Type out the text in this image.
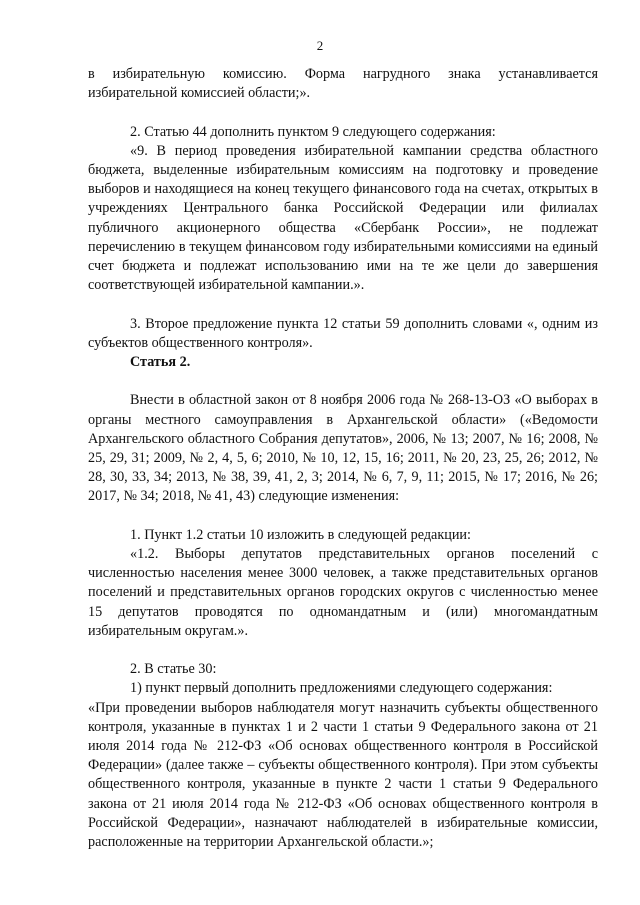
2

в избирательную комиссию. Форма нагрудного знака устанавливается избирательной комиссией области;».

2. Статью 44 дополнить пунктом 9 следующего содержания:

«9. В период проведения избирательной кампании средства областного бюджета, выделенные избирательным комиссиям на подготовку и проведение выборов и находящиеся на конец текущего финансового года на счетах, открытых в учреждениях Центрального банка Российской Федерации или филиалах публичного акционерного общества «Сбербанк России», не подлежат перечислению в текущем финансовом году избирательными комиссиями на единый счет бюджета и подлежат использованию ими на те же цели до завершения соответствующей избирательной кампании.».

3. Второе предложение пункта 12 статьи 59 дополнить словами «, одним из субъектов общественного контроля».

Статья 2.

Внести в областной закон от 8 ноября 2006 года № 268-13-ОЗ «О выборах в органы местного самоуправления в Архангельской области» («Ведомости Архангельского областного Собрания депутатов», 2006, № 13; 2007, № 16; 2008, № 25, 29, 31; 2009, № 2, 4, 5, 6; 2010, № 10, 12, 15, 16; 2011, № 20, 23, 25, 26; 2012, № 28, 30, 33, 34; 2013, № 38, 39, 41, 2, 3; 2014, № 6, 7, 9, 11; 2015, № 17; 2016, № 26; 2017, № 34; 2018, № 41, 43) следующие изменения:

1. Пункт 1.2 статьи 10 изложить в следующей редакции:

«1.2. Выборы депутатов представительных органов поселений с численностью населения менее 3000 человек, а также представительных органов поселений и представительных органов городских округов с численностью менее 15 депутатов проводятся по одномандатным и (или) многомандатным избирательным округам.».

2. В статье 30:

1) пункт первый дополнить предложениями следующего содержания:

«При проведении выборов наблюдателя могут назначить субъекты общественного контроля, указанные в пунктах 1 и 2 части 1 статьи 9 Федерального закона от 21 июля 2014 года № 212-ФЗ «Об основах общественного контроля в Российской Федерации» (далее также – субъекты общественного контроля). При этом субъекты общественного контроля, указанные в пункте 2 части 1 статьи 9 Федерального закона от 21 июля 2014 года № 212-ФЗ «Об основах общественного контроля в Российской Федерации», назначают наблюдателей в избирательные комиссии, расположенные на территории Архангельской области.»;
